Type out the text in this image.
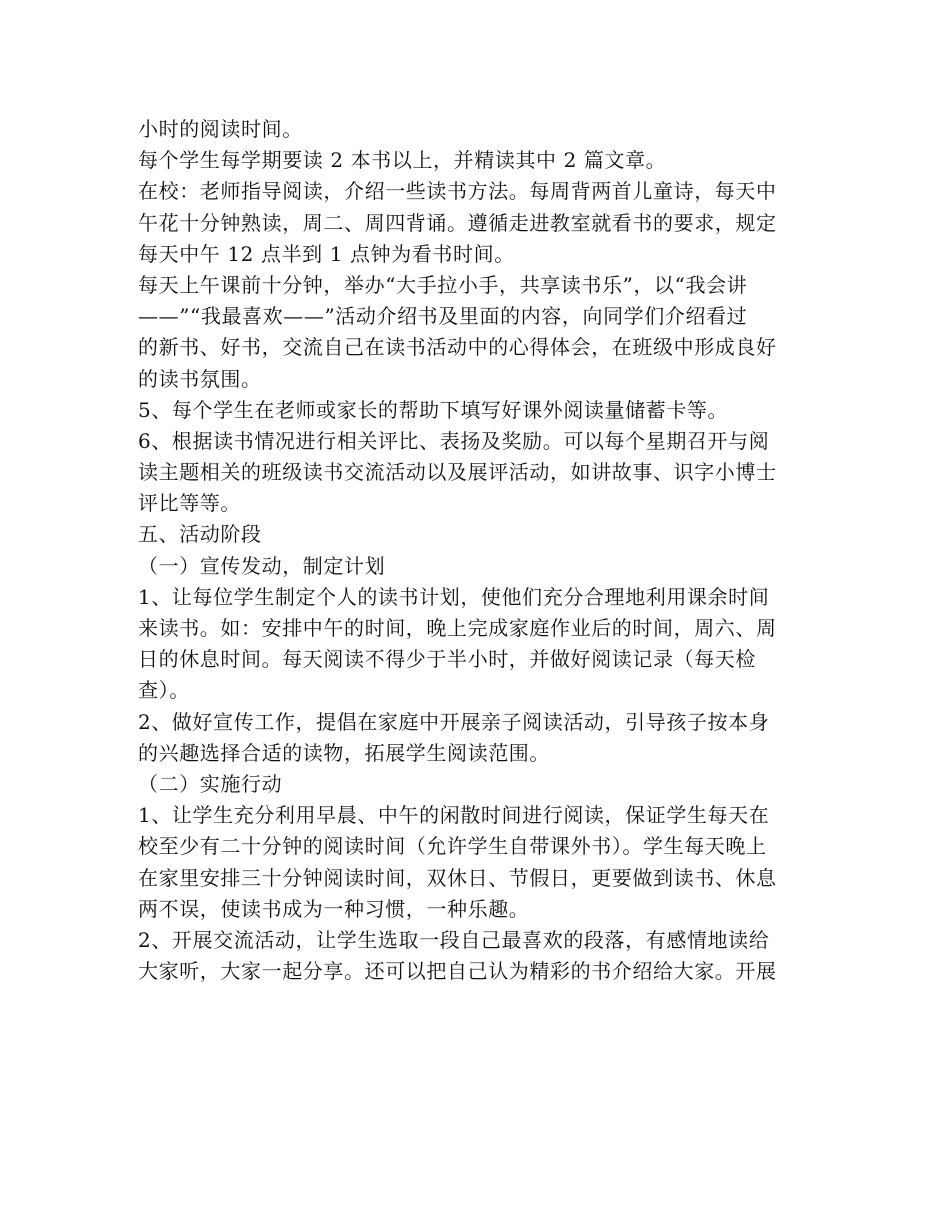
小时的阅读时间。
每个学生每学期要读 2 本书以上，并精读其中 2 篇文章。
在校：老师指导阅读，介绍一些读书方法。每周背两首儿童诗，每天中
午花十分钟熟读，周二、周四背诵。遵循走进教室就看书的要求，规定
每天中午 12 点半到 1 点钟为看书时间。
每天上午课前十分钟，举办“大手拉小手，共享读书乐”，以“我会讲
——”“我最喜欢——”活动介绍书及里面的内容，向同学们介绍看过
的新书、好书，交流自己在读书活动中的心得体会，在班级中形成良好
的读书氛围。
5、每个学生在老师或家长的帮助下填写好课外阅读量储蓄卡等。
6、根据读书情况进行相关评比、表扬及奖励。可以每个星期召开与阅
读主题相关的班级读书交流活动以及展评活动，如讲故事、识字小博士
评比等等。
五、活动阶段
（一）宣传发动，制定计划
1、让每位学生制定个人的读书计划，使他们充分合理地利用课余时间
来读书。如：安排中午的时间，晚上完成家庭作业后的时间，周六、周
日的休息时间。每天阅读不得少于半小时，并做好阅读记录（每天检
查）。
2、做好宣传工作，提倡在家庭中开展亲子阅读活动，引导孩子按本身
的兴趣选择合适的读物，拓展学生阅读范围。
（二）实施行动
1、让学生充分利用早晨、中午的闲散时间进行阅读，保证学生每天在
校至少有二十分钟的阅读时间（允许学生自带课外书）。学生每天晚上
在家里安排三十分钟阅读时间，双休日、节假日，更要做到读书、休息
两不误，使读书成为一种习惯，一种乐趣。
2、开展交流活动，让学生选取一段自己最喜欢的段落，有感情地读给
大家听，大家一起分享。还可以把自己认为精彩的书介绍给大家。开展
